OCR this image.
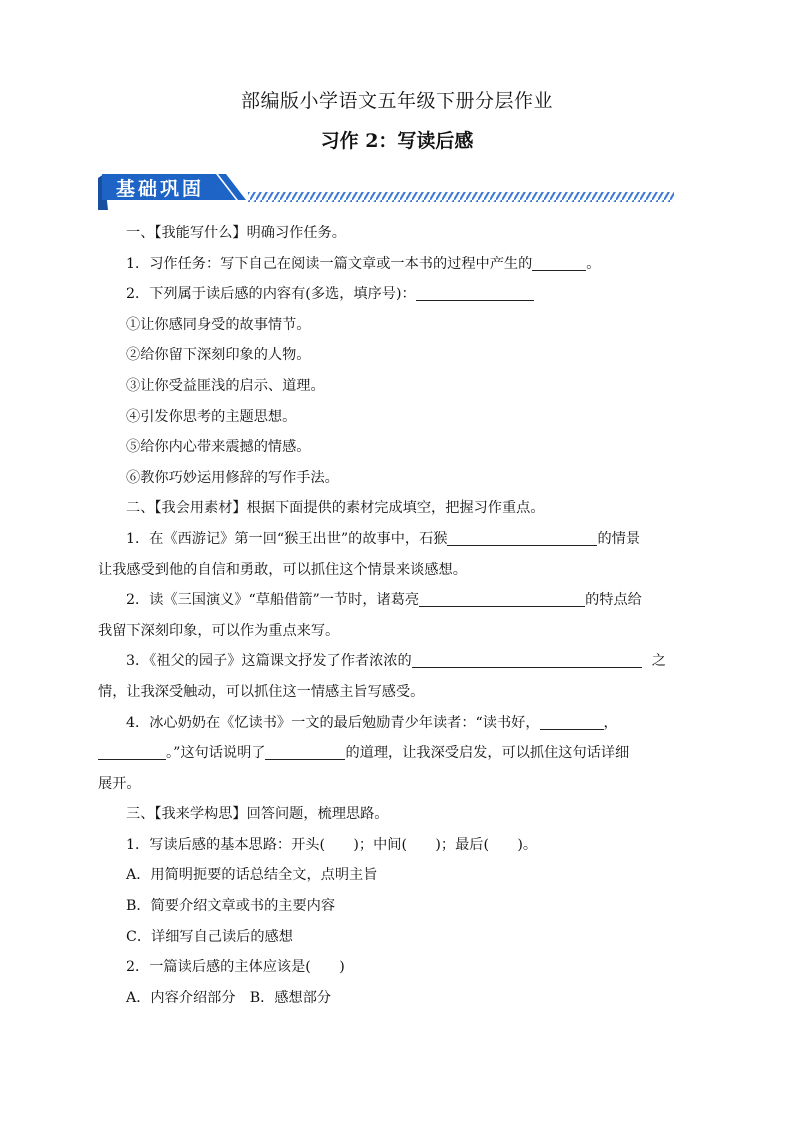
部编版小学语文五年级下册分层作业
习作 2：写读后感
基础巩固
一、【我能写什么】明确习作任务。
1．习作任务：写下自己在阅读一篇文章或一本书的过程中产生的	。
2．下列属于读后感的内容有(多选，填序号)：
①让你感同身受的故事情节。
②给你留下深刻印象的人物。
③让你受益匪浅的启示、道理。
④引发你思考的主题思想。
⑤给你内心带来震撼的情感。
⑥教你巧妙运用修辞的写作手法。
二、【我会用素材】根据下面提供的素材完成填空，把握习作重点。
1．在《西游记》第一回“猴王出世”的故事中，石猴	的情景
让我感受到他的自信和勇敢，可以抓住这个情景来谈感想。
2．读《三国演义》“草船借箭”一节时，诸葛亮	的特点给
我留下深刻印象，可以作为重点来写。
3．《祖父的园子》这篇课文抒发了作者浓浓的	之
情，让我深受触动，可以抓住这一情感主旨写感受。
4．冰心奶奶在《忆读书》一文的最后勉励青少年读者：“读书好，	，
。”这句话说明了	的道理，让我深受启发，可以抓住这句话详细
展开。
三、【我来学构思】回答问题，梳理思路。
1．写读后感的基本思路：开头(　　)；中间(　　)；最后(　　)。
A．用简明扼要的话总结全文，点明主旨
B．简要介绍文章或书的主要内容
C．详细写自己读后的感想
2．一篇读后感的主体应该是(　　)
A．内容介绍部分　B．感想部分
